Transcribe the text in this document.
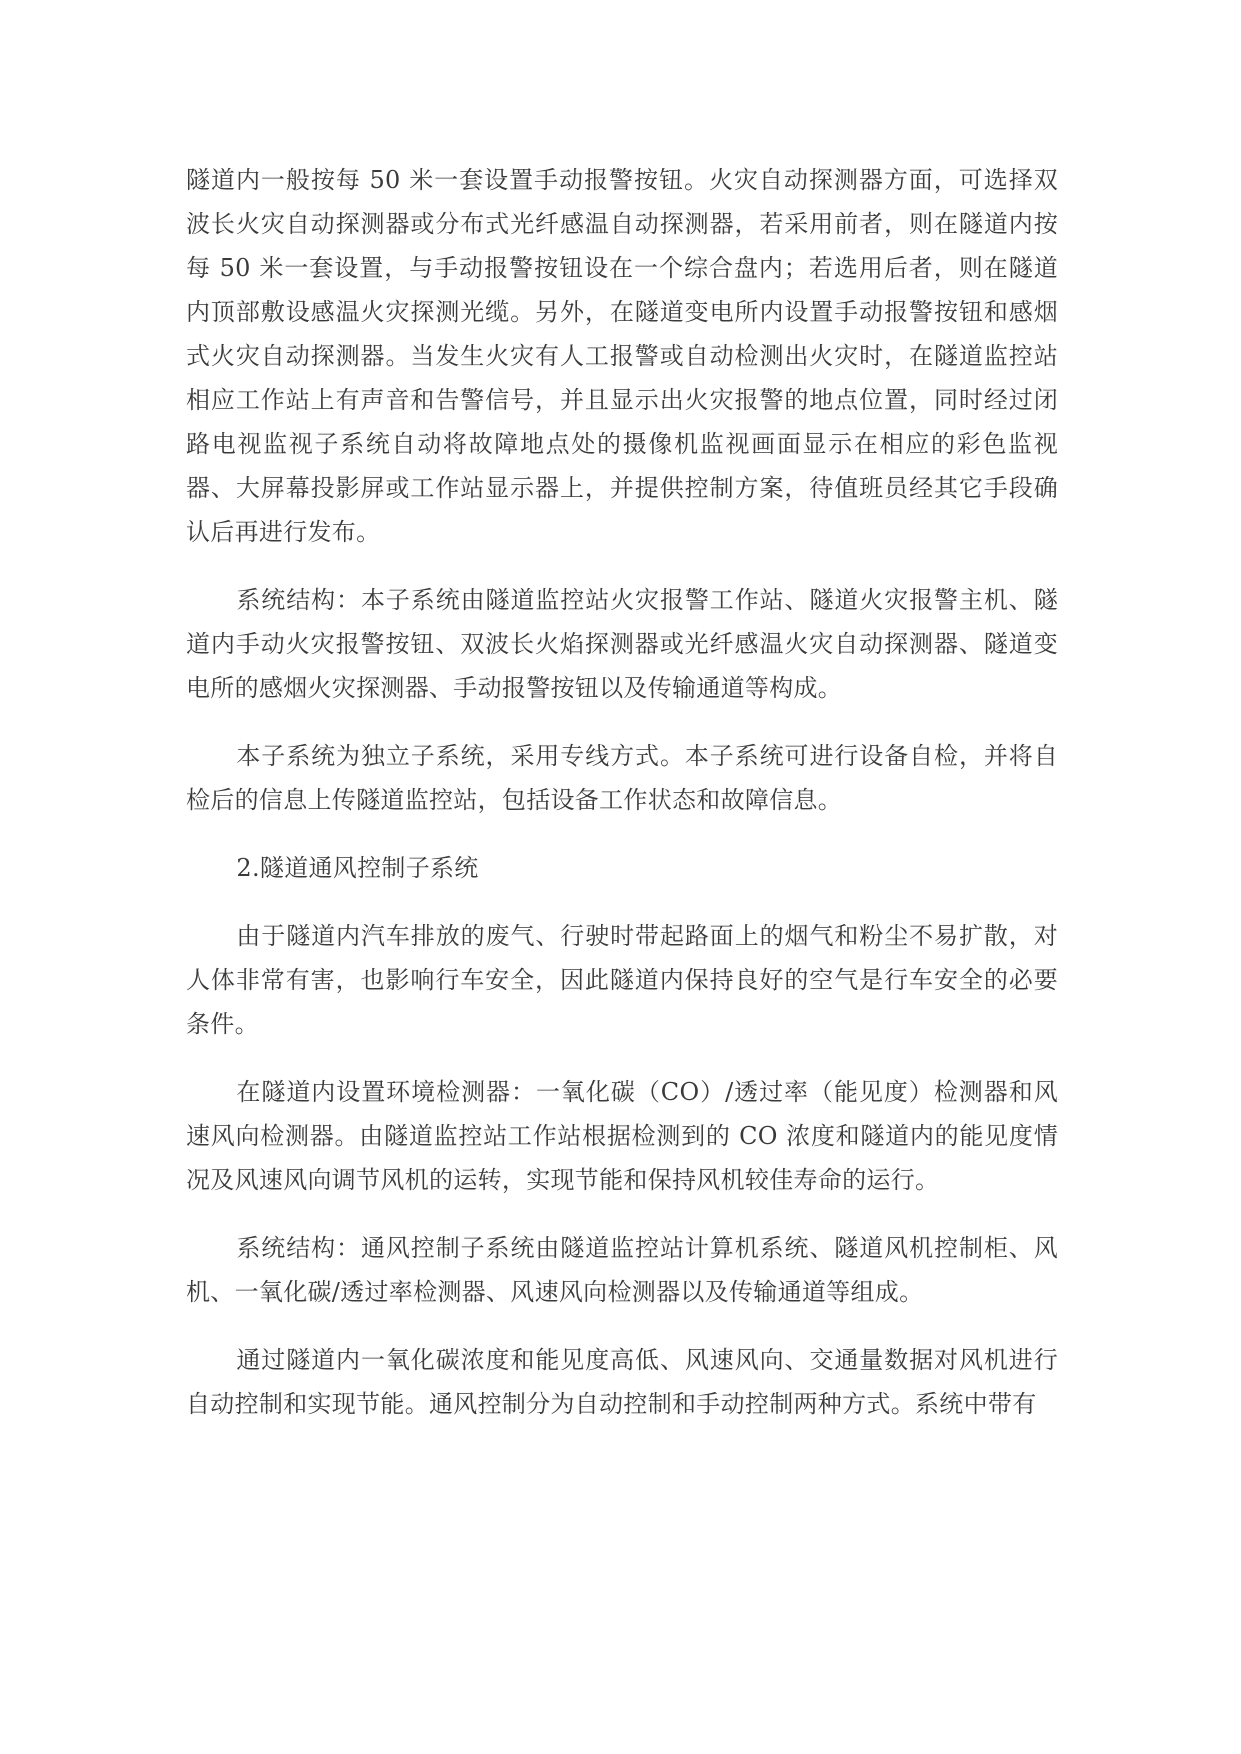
隧道内一般按每 50 米一套设置手动报警按钮。火灾自动探测器方面，可选择双波长火灾自动探测器或分布式光纤感温自动探测器，若采用前者，则在隧道内按每 50 米一套设置，与手动报警按钮设在一个综合盘内；若选用后者，则在隧道内顶部敷设感温火灾探测光缆。另外，在隧道变电所内设置手动报警按钮和感烟式火灾自动探测器。当发生火灾有人工报警或自动检测出火灾时，在隧道监控站相应工作站上有声音和告警信号，并且显示出火灾报警的地点位置，同时经过闭路电视监视子系统自动将故障地点处的摄像机监视画面显示在相应的彩色监视器、大屏幕投影屏或工作站显示器上，并提供控制方案，待值班员经其它手段确认后再进行发布。

系统结构：本子系统由隧道监控站火灾报警工作站、隧道火灾报警主机、隧道内手动火灾报警按钮、双波长火焰探测器或光纤感温火灾自动探测器、隧道变电所的感烟火灾探测器、手动报警按钮以及传输通道等构成。

本子系统为独立子系统，采用专线方式。本子系统可进行设备自检，并将自检后的信息上传隧道监控站，包括设备工作状态和故障信息。

2.隧道通风控制子系统

由于隧道内汽车排放的废气、行驶时带起路面上的烟气和粉尘不易扩散，对人体非常有害，也影响行车安全，因此隧道内保持良好的空气是行车安全的必要条件。

在隧道内设置环境检测器：一氧化碳（CO）/透过率（能见度）检测器和风速风向检测器。由隧道监控站工作站根据检测到的 CO 浓度和隧道内的能见度情况及风速风向调节风机的运转，实现节能和保持风机较佳寿命的运行。

系统结构：通风控制子系统由隧道监控站计算机系统、隧道风机控制柜、风机、一氧化碳/透过率检测器、风速风向检测器以及传输通道等组成。

通过隧道内一氧化碳浓度和能见度高低、风速风向、交通量数据对风机进行自动控制和实现节能。通风控制分为自动控制和手动控制两种方式。系统中带有
